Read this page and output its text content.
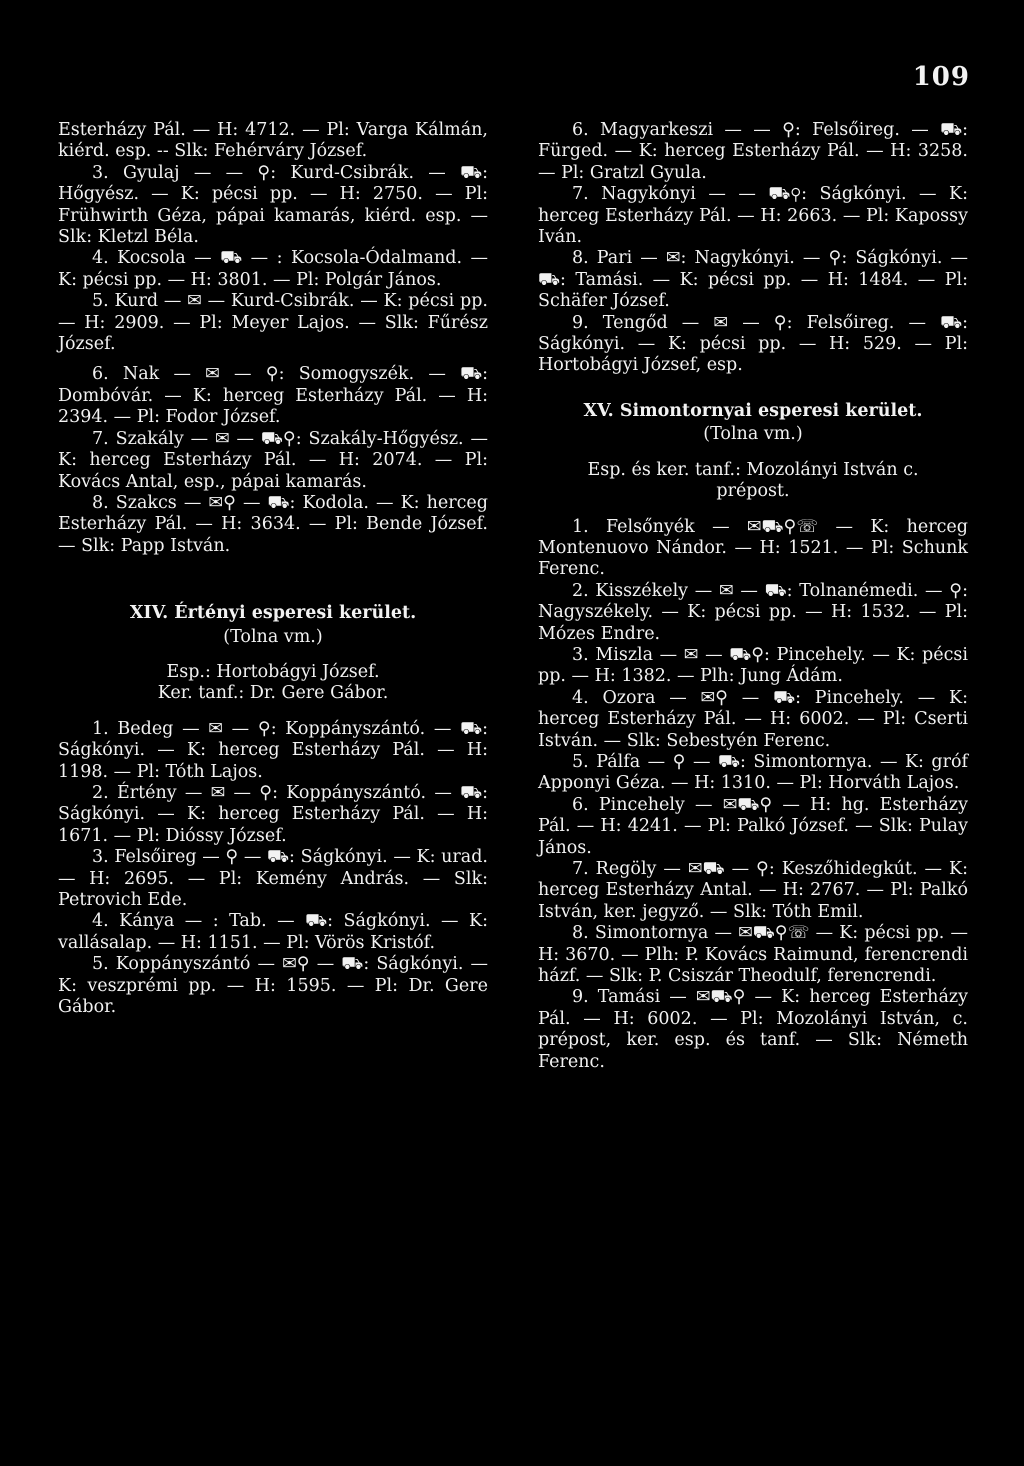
109

Esterházy Pál. — H: 4712. — Pl: Varga Kálmán, kiérd. esp. -- Slk: Fehérváry József.

3. Gyulaj — — ⚲: Kurd-Csibrák. — ⛟: Hőgyész. — K: pécsi pp. — H: 2750. — Pl: Frühwirth Géza, pápai kamarás, kiérd. esp. — Slk: Kletzl Béla.

4. Kocsola — ⛟ — : Kocsola-Ódalmand. — K: pécsi pp. — H: 3801. — Pl: Polgár János.

5. Kurd — ✉ — Kurd-Csibrák. — K: pécsi pp. — H: 2909. — Pl: Meyer Lajos. — Slk: Fűrész József.

6. Nak — ✉ — ⚲: Somogyszék. — ⛟: Dombóvár. — K: herceg Esterházy Pál. — H: 2394. — Pl: Fodor József.

7. Szakály — ✉ — ⛟⚲: Szakály-Hőgyész. — K: herceg Esterházy Pál. — H: 2074. — Pl: Kovács Antal, esp., pápai kamarás.

8. Szakcs — ✉⚲ — ⛟: Kodola. — K: herceg Esterházy Pál. — H: 3634. — Pl: Bende József. — Slk: Papp István.

XIV. Értényi esperesi kerület.

(Tolna vm.)

Esp.: Hortobágyi József.

Ker. tanf.: Dr. Gere Gábor.

1. Bedeg — ✉ — ⚲: Koppányszántó. — ⛟: Ságkónyi. — K: herceg Esterházy Pál. — H: 1198. — Pl: Tóth Lajos.

2. Értény — ✉ — ⚲: Koppányszántó. — ⛟: Ságkónyi. — K: herceg Esterházy Pál. — H: 1671. — Pl: Dióssy József.

3. Felsőireg — ⚲ — ⛟: Ságkónyi. — K: urad. — H: 2695. — Pl: Kemény András. — Slk: Petrovich Ede.

4. Kánya — : Tab. — ⛟: Ságkónyi. — K: vallásalap. — H: 1151. — Pl: Vörös Kristóf.

5. Koppányszántó — ✉⚲ — ⛟: Ságkónyi. — K: veszprémi pp. — H: 1595. — Pl: Dr. Gere Gábor.

6. Magyarkeszi — — ⚲: Felsőireg. — ⛟: Fürged. — K: herceg Esterházy Pál. — H: 3258. — Pl: Gratzl Gyula.

7. Nagykónyi — — ⛟⚲: Ságkónyi. — K: herceg Esterházy Pál. — H: 2663. — Pl: Kapossy Iván.

8. Pari — ✉: Nagykónyi. — ⚲: Ságkónyi. — ⛟: Tamási. — K: pécsi pp. — H: 1484. — Pl: Schäfer József.

9. Tengőd — ✉ — ⚲: Felsőireg. — ⛟: Ságkónyi. — K: pécsi pp. — H: 529. — Pl: Hortobágyi József, esp.

XV. Simontornyai esperesi kerület.

(Tolna vm.)

Esp. és ker. tanf.: Mozolányi István c. prépost.

1. Felsőnyék — ✉⛟⚲☏ — K: herceg Montenuovo Nándor. — H: 1521. — Pl: Schunk Ferenc.

2. Kisszékely — ✉ — ⛟: Tolnanémedi. — ⚲: Nagyszékely. — K: pécsi pp. — H: 1532. — Pl: Mózes Endre.

3. Miszla — ✉ — ⛟⚲: Pincehely. — K: pécsi pp. — H: 1382. — Plh: Jung Ádám.

4. Ozora — ✉⚲ — ⛟: Pincehely. — K: herceg Esterházy Pál. — H: 6002. — Pl: Cserti István. — Slk: Sebestyén Ferenc.

5. Pálfa — ⚲ — ⛟: Simontornya. — K: gróf Apponyi Géza. — H: 1310. — Pl: Horváth Lajos.

6. Pincehely — ✉⛟⚲ — H: hg. Esterházy Pál. — H: 4241. — Pl: Palkó József. — Slk: Pulay János.

7. Regöly — ✉⛟ — ⚲: Keszőhidegkút. — K: herceg Esterházy Antal. — H: 2767. — Pl: Palkó István, ker. jegyző. — Slk: Tóth Emil.

8. Simontornya — ✉⛟⚲☏ — K: pécsi pp. — H: 3670. — Plh: P. Kovács Raimund, ferencrendi házf. — Slk: P. Csiszár Theodulf, ferencrendi.

9. Tamási — ✉⛟⚲ — K: herceg Esterházy Pál. — H: 6002. — Pl: Mozolányi István, c. prépost, ker. esp. és tanf. — Slk: Németh Ferenc.
